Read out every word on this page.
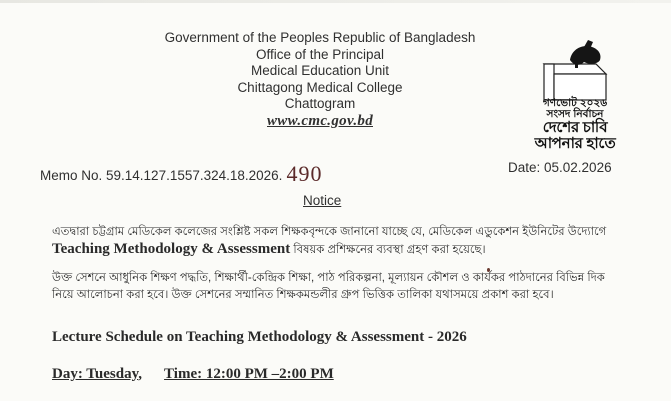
Government of the Peoples Republic of Bangladesh
Office of the Principal
Medical Education Unit
Chittagong Medical College
Chattogram
www.cmc.gov.bd
গণভোট ২০২৬
সংসদ নির্বাচন
দেশের চাবি
আপনার হাতে
Memo No. 59.14.127.1557.324.18.2026. 490	Date: 05.02.2026
Notice
এতদ্বারা চট্টগ্রাম মেডিকেল কলেজের সংশ্লিষ্ট সকল শিক্ষকবৃন্দকে জানানো যাচ্ছে যে, মেডিকেল এডুকেশন ইউনিটের উদ্যোগে
Teaching Methodology & Assessment বিষয়ক প্রশিক্ষনের ব্যবস্থা গ্রহণ করা হয়েছে।
উক্ত সেশনে আধুনিক শিক্ষণ পদ্ধতি, শিক্ষার্থী-কেন্দ্রিক শিক্ষা, পাঠ পরিকল্পনা, মূল্যায়ন কৌশল ও কার্যকর পাঠদানের বিভিন্ন দিক নিয়ে আলোচনা করা হবে। উক্ত সেশনের সম্মানিত শিক্ষকমন্ডলীর গ্রুপ ভিত্তিক তালিকা যথাসময়ে প্রকাশ করা হবে।
Lecture Schedule on Teaching Methodology & Assessment - 2026
Day: Tuesday, Time: 12:00 PM –2:00 PM
